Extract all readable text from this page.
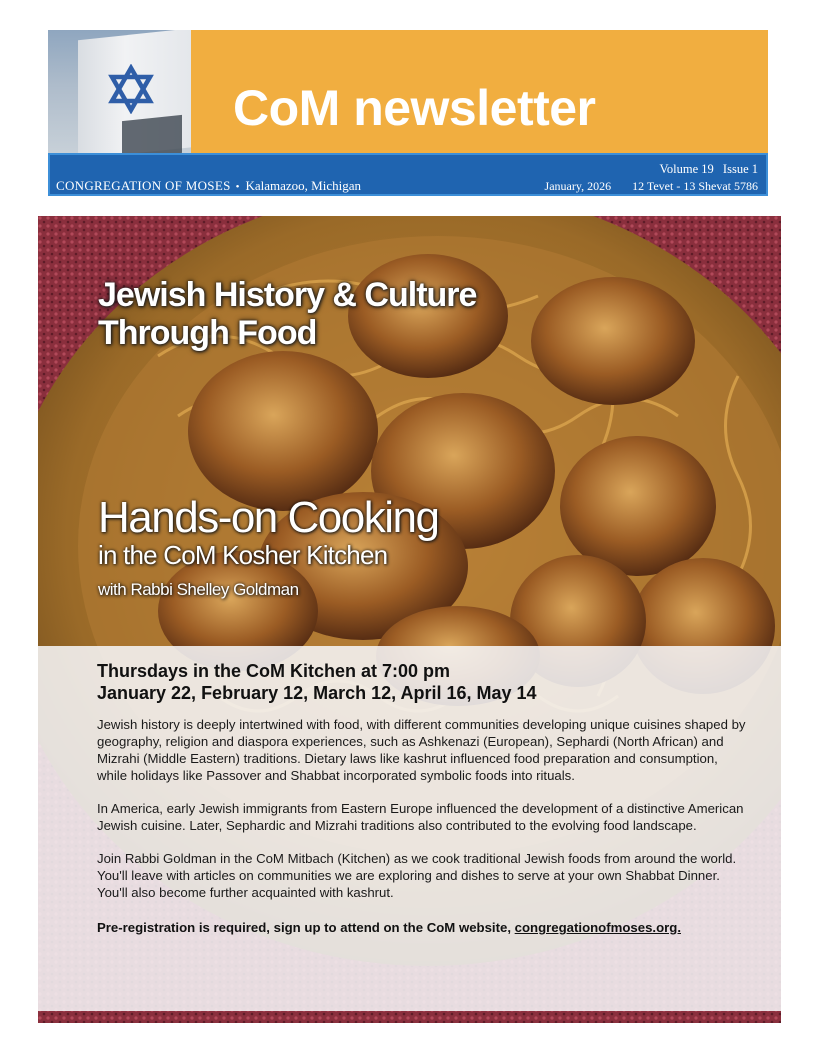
CoM newsletter
Volume 19 Issue 1
CONGREGATION OF MOSES • Kalamazoo, Michigan	January, 2026 12 Tevet - 13 Shevat 5786
Jewish History & Culture
Through Food
Hands-on Cooking
in the CoM Kosher Kitchen
with Rabbi Shelley Goldman

Thursdays in the CoM Kitchen at 7:00 pm

January 22, February 12, March 12, April 16, May 14

Jewish history is deeply intertwined with food, with different communities developing unique cuisines shaped by geography, religion and diaspora experiences, such as Ashkenazi (European), Sephardi (North African) and Mizrahi (Middle Eastern) traditions. Dietary laws like kashrut influenced food preparation and consumption, while holidays like Passover and Shabbat incorporated symbolic foods into rituals.

In America, early Jewish immigrants from Eastern Europe influenced the development of a distinctive American Jewish cuisine. Later, Sephardic and Mizrahi traditions also contributed to the evolving food landscape.

Join Rabbi Goldman in the CoM Mitbach (Kitchen) as we cook traditional Jewish foods from around the world. You'll leave with articles on communities we are exploring and dishes to serve at your own Shabbat Dinner. You'll also become further acquainted with kashrut.

Pre-registration is required, sign up to attend on the CoM website, congregationofmoses.org.
